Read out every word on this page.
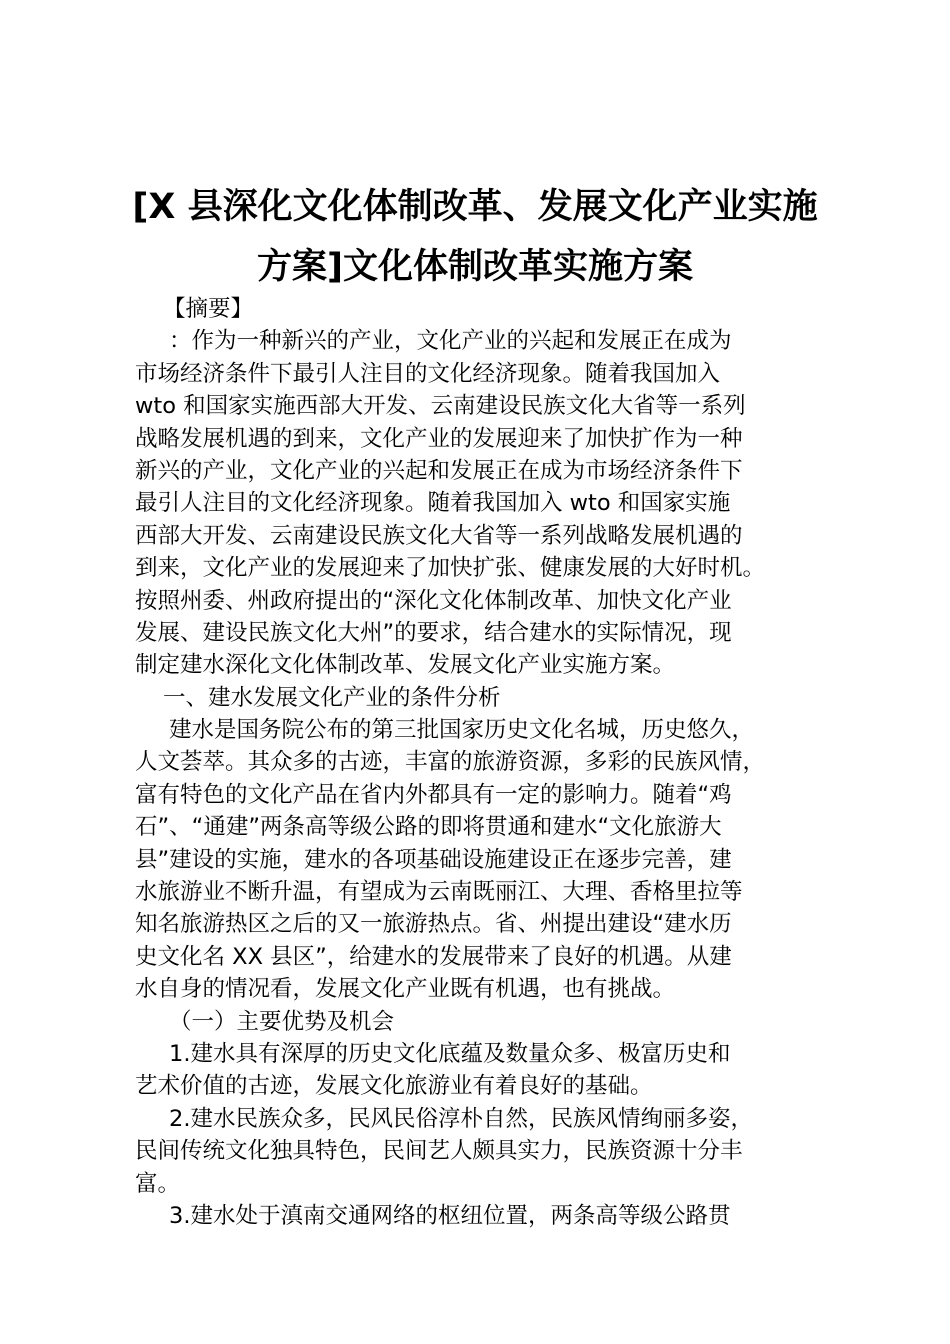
[X 县深化文化体制改革、发展文化产业实施
方案]文化体制改革实施方案
【摘要】
：作为一种新兴的产业，文化产业的兴起和发展正在成为
市场经济条件下最引人注目的文化经济现象。随着我国加入
wto 和国家实施西部大开发、云南建设民族文化大省等一系列
战略发展机遇的到来，文化产业的发展迎来了加快扩作为一种
新兴的产业，文化产业的兴起和发展正在成为市场经济条件下
最引人注目的文化经济现象。随着我国加入 wto 和国家实施
西部大开发、云南建设民族文化大省等一系列战略发展机遇的
到来，文化产业的发展迎来了加快扩张、健康发展的大好时机。
按照州委、州政府提出的“深化文化体制改革、加快文化产业
发展、建设民族文化大州”的要求，结合建水的实际情况，现
制定建水深化文化体制改革、发展文化产业实施方案。
一、建水发展文化产业的条件分析
建水是国务院公布的第三批国家历史文化名城，历史悠久，
人文荟萃。其众多的古迹，丰富的旅游资源，多彩的民族风情，
富有特色的文化产品在省内外都具有一定的影响力。随着“鸡
石”、“通建”两条高等级公路的即将贯通和建水“文化旅游大
县”建设的实施，建水的各项基础设施建设正在逐步完善，建
水旅游业不断升温，有望成为云南既丽江、大理、香格里拉等
知名旅游热区之后的又一旅游热点。省、州提出建设“建水历
史文化名 XX 县区”，给建水的发展带来了良好的机遇。从建
水自身的情况看，发展文化产业既有机遇，也有挑战。
（一）主要优势及机会
1.建水具有深厚的历史文化底蕴及数量众多、极富历史和
艺术价值的古迹，发展文化旅游业有着良好的基础。
2.建水民族众多，民风民俗淳朴自然，民族风情绚丽多姿，
民间传统文化独具特色，民间艺人颇具实力，民族资源十分丰
富。
3.建水处于滇南交通网络的枢纽位置，两条高等级公路贯
